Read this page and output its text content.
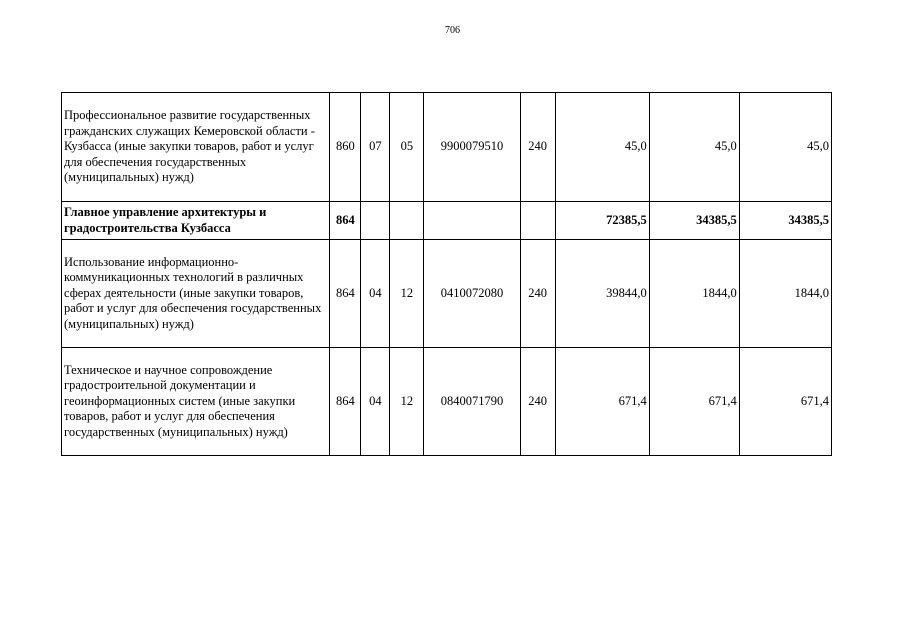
706
Профессиональное развитие государственных гражданских служащих Кемеровской области - Кузбасса (иные закупки товаров, работ и услуг для обеспечения государственных (муниципальных) нужд)	860	07	05	9900079510	240	45,0	45,0	45,0
Главное управление архитектуры и градостроительства Кузбасса	864					72385,5	34385,5	34385,5
Использование информационно-коммуникационных технологий в различных сферах деятельности (иные закупки товаров, работ и услуг для обеспечения государственных (муниципальных) нужд)	864	04	12	0410072080	240	39844,0	1844,0	1844,0
Техническое и научное сопровождение градостроительной документации и геоинформационных систем (иные закупки товаров, работ и услуг для обеспечения государственных (муниципальных) нужд)	864	04	12	0840071790	240	671,4	671,4	671,4
